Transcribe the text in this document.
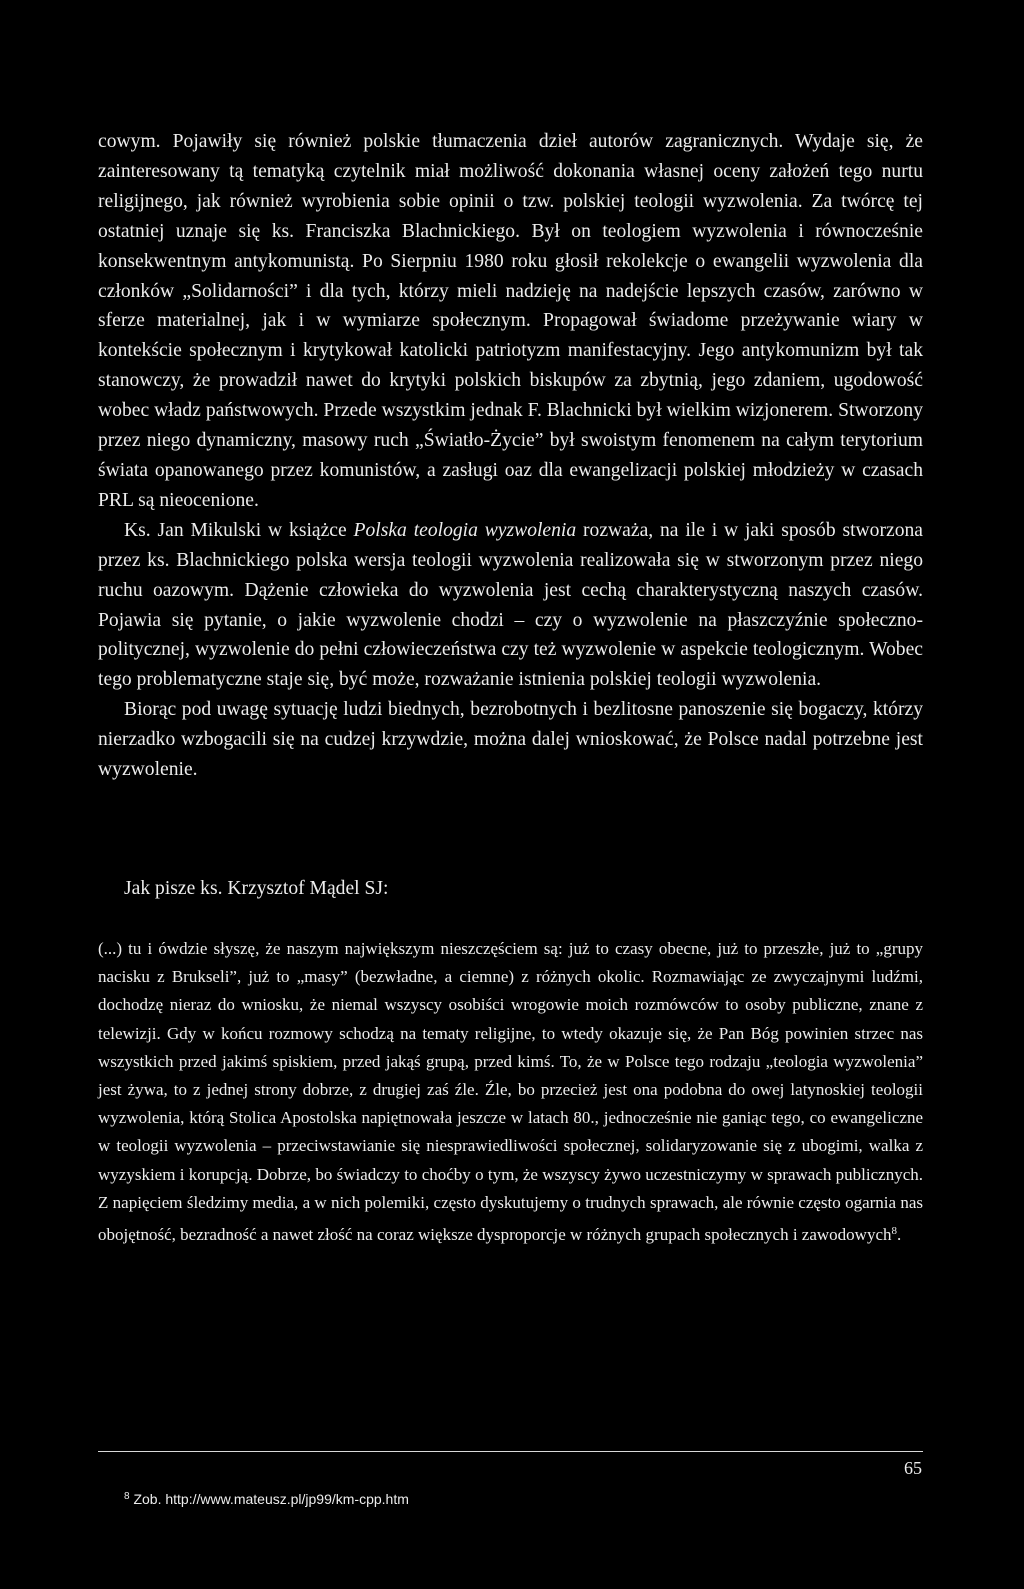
cowym. Pojawiły się również polskie tłumaczenia dzieł autorów zagranicznych. Wydaje się, że zainteresowany tą tematyką czytelnik miał możliwość dokonania własnej oceny założeń tego nurtu religijnego, jak również wyrobienia sobie opinii o tzw. polskiej teologii wyzwolenia. Za twórcę tej ostatniej uznaje się ks. Franciszka Blachnickiego. Był on teologiem wyzwolenia i równocześnie konsekwentnym antykomunistą. Po Sierpniu 1980 roku głosił rekolekcje o ewangelii wyzwolenia dla członków „Solidarności” i dla tych, którzy mieli nadzieję na nadejście lepszych czasów, zarówno w sferze materialnej, jak i w wymiarze społecznym. Propagował świadome przeżywanie wiary w kontekście społecznym i krytykował katolicki patriotyzm manifestacyjny. Jego antykomunizm był tak stanowczy, że prowadził nawet do krytyki polskich biskupów za zbytnią, jego zdaniem, ugodowość wobec władz państwowych. Przede wszystkim jednak F. Blachnicki był wielkim wizjonerem. Stworzony przez niego dynamiczny, masowy ruch „Światło-Życie” był swoistym fenomenem na całym terytorium świata opanowanego przez komunistów, a zasługi oaz dla ewangelizacji polskiej młodzieży w czasach PRL są nieocenione.

Ks. Jan Mikulski w książce Polska teologia wyzwolenia rozważa, na ile i w jaki sposób stworzona przez ks. Blachnickiego polska wersja teologii wyzwolenia realizowała się w stworzonym przez niego ruchu oazowym. Dążenie człowieka do wyzwolenia jest cechą charakterystyczną naszych czasów. Pojawia się pytanie, o jakie wyzwolenie chodzi – czy o wyzwolenie na płaszczyźnie społeczno-politycznej, wyzwolenie do pełni człowieczeństwa czy też wyzwolenie w aspekcie teologicznym. Wobec tego problematyczne staje się, być może, rozważanie istnienia polskiej teologii wyzwolenia.

Biorąc pod uwagę sytuację ludzi biednych, bezrobotnych i bezlitosne panoszenie się bogaczy, którzy nierzadko wzbogacili się na cudzej krzywdzie, można dalej wnioskować, że Polsce nadal potrzebne jest wyzwolenie.

Jak pisze ks. Krzysztof Mądel SJ:

(...) tu i ówdzie słyszę, że naszym największym nieszczęściem są: już to czasy obecne, już to przeszłe, już to „grupy nacisku z Brukseli”, już to „masy” (bezwładne, a ciemne) z różnych okolic. Rozmawiając ze zwyczajnymi ludźmi, dochodzę nieraz do wniosku, że niemal wszyscy osobiści wrogowie moich rozmówców to osoby publiczne, znane z telewizji. Gdy w końcu rozmowy schodzą na tematy religijne, to wtedy okazuje się, że Pan Bóg powinien strzec nas wszystkich przed jakimś spiskiem, przed jakąś grupą, przed kimś. To, że w Polsce tego rodzaju „teologia wyzwolenia” jest żywa, to z jednej strony dobrze, z drugiej zaś źle. Źle, bo przecież jest ona podobna do owej latynoskiej teologii wyzwolenia, którą Stolica Apostolska napiętnowała jeszcze w latach 80., jednocześnie nie ganiąc tego, co ewangeliczne w teologii wyzwolenia – przeciwstawianie się niesprawiedliwości społecznej, solidaryzowanie się z ubogimi, walka z wyzyskiem i korupcją. Dobrze, bo świadczy to choćby o tym, że wszyscy żywo uczestniczymy w sprawach publicznych. Z napięciem śledzimy media, a w nich polemiki, często dyskutujemy o trudnych sprawach, ale równie często ogarnia nas obojętność, bezradność a nawet złość na coraz większe dysproporcje w różnych grupach społecznych i zawodowych$^8$.

$^8$ Zob. http://www.mateusz.pl/jp99/km-cpp.htm
65
